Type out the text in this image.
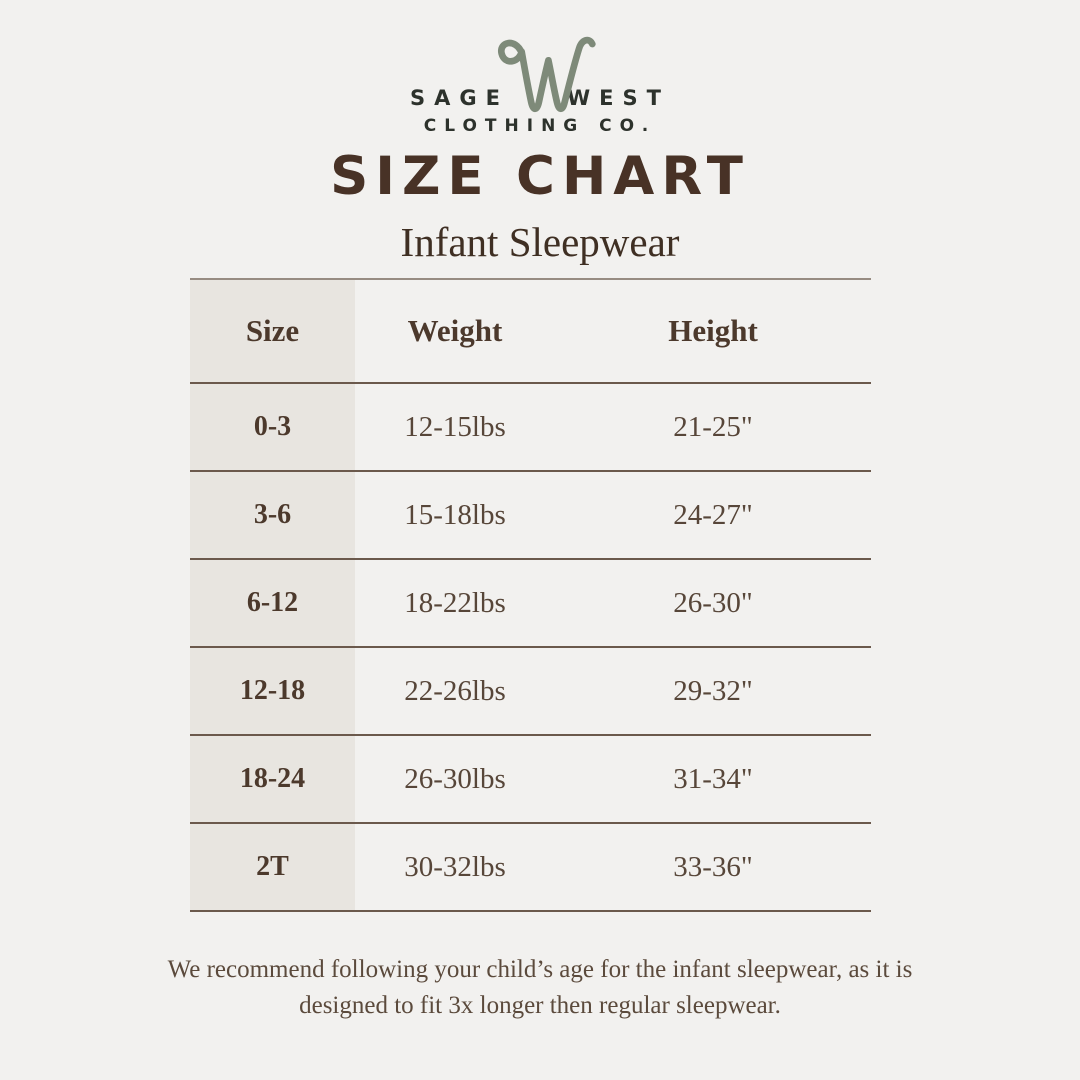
SAGE	WEST
CLOTHING CO.
SIZE CHART
Infant Sleepwear
Size	Weight	Height
0-3	12-15lbs	21-25"
3-6	15-18lbs	24-27"
6-12	18-22lbs	26-30"
12-18	22-26lbs	29-32"
18-24	26-30lbs	31-34"
2T	30-32lbs	33-36"

We recommend following your child’s age for the infant sleepwear, as it is
designed to fit 3x longer then regular sleepwear.
